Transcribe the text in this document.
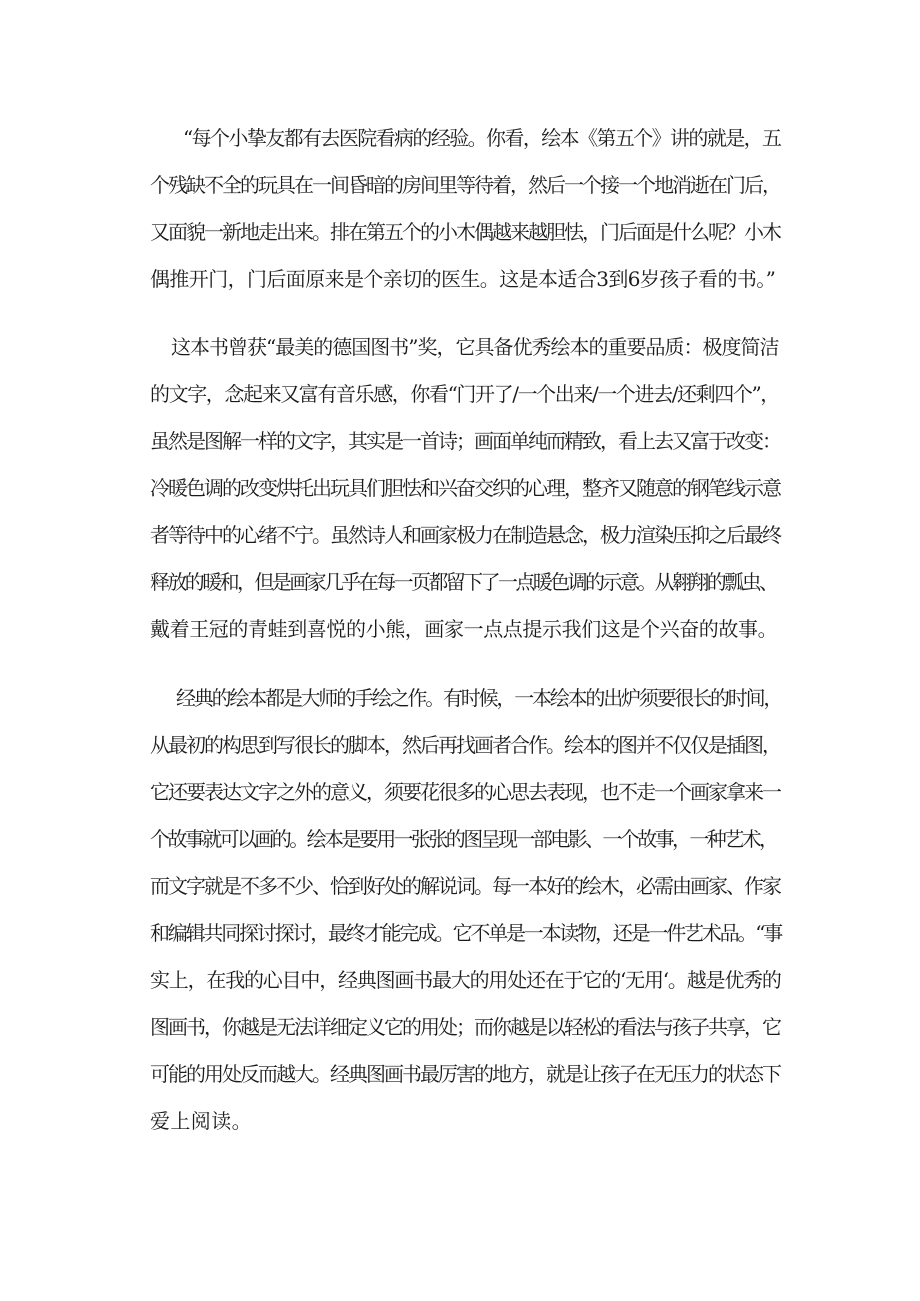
“每个小挚友都有去医院看病的经验。你看，绘本《第五个》讲的就是，五
个残缺不全的玩具在一间昏暗的房间里等待着，然后一个接一个地消逝在门后，
又面貌一新地走出来。排在第五个的小木偶越来越胆怯，门后面是什么呢？小木
偶推开门，门后面原来是个亲切的医生。这是本适合3到6岁孩子看的书。”
这本书曾获“最美的德国图书”奖，它具备优秀绘本的重要品质：极度简洁
的文字，念起来又富有音乐感，你看“门开了/一个出来/一个进去/还剩四个”，
虽然是图解一样的文字，其实是一首诗；画面单纯而精致，看上去又富于改变：
冷暖色调的改变烘托出玩具们胆怯和兴奋交织的心理，整齐又随意的钢笔线示意
者等待中的心绪不宁。虽然诗人和画家极力在制造悬念，极力渲染压抑之后最终
释放的暖和，但是画家几乎在每一页都留下了一点暖色调的示意。从翱翔的瓢虫、
戴着王冠的青蛙到喜悦的小熊，画家一点点提示我们这是个兴奋的故事。
经典的绘本都是大师的手绘之作。有时候，一本绘本的出炉须要很长的时间，
从最初的构思到写很长的脚本，然后再找画者合作。绘本的图并不仅仅是插图，
它还要表达文字之外的意义，须要花很多的心思去表现，也不走一个画家拿来一
个故事就可以画的。绘本是要用一张张的图呈现一部电影、一个故事，一种艺术，
而文字就是不多不少、恰到好处的解说词。每一本好的绘木，必需由画家、作家
和编辑共同探讨探讨，最终才能完成。它不单是一本读物，还是一件艺术品。“事
实上，在我的心目中，经典图画书最大的用处还在于它的‘无用‘。越是优秀的
图画书，你越是无法详细定义它的用处；而你越是以轻松的看法与孩子共享，它
可能的用处反而越大。经典图画书最厉害的地方，就是让孩子在无压力的状态下
爱上阅读。
